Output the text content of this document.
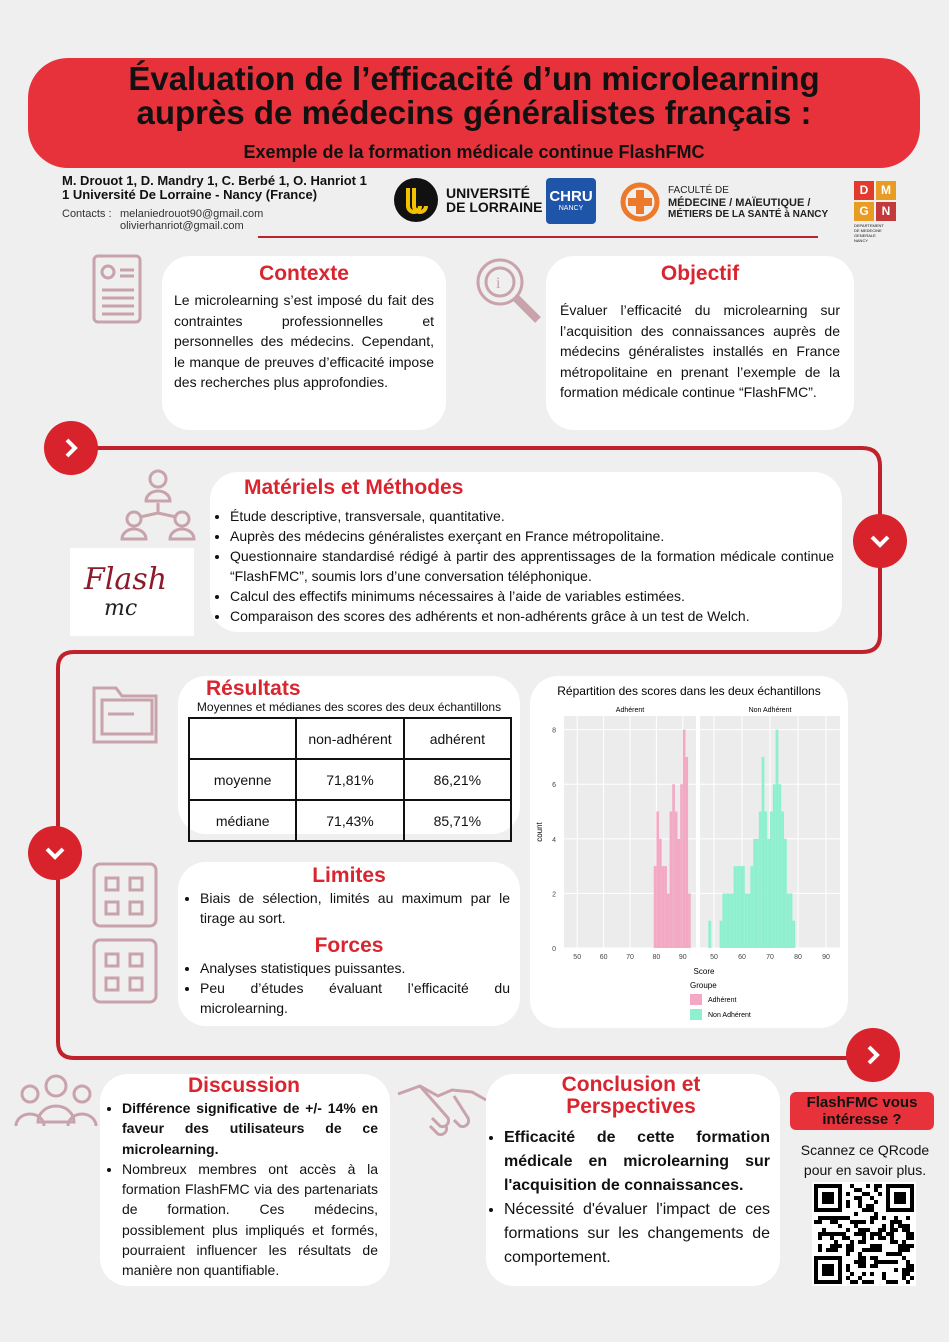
Évaluation de l’efficacité d’un microlearning
auprès de médecins généralistes français :
Exemple de la formation médicale continue FlashFMC
M. Drouot 1, D. Mandry 1, C. Berbé 1, O. Hanriot 1
1 Université De Lorraine - Nancy (France)
Contacts : melaniedrouot90@gmail.com
olivierhanriot@gmail.com
UNIVERSITÉ
DE LORRAINE
CHRU
NANCY
FACULTÉ DE
MÉDECINE / MAÏEUTIQUE /
MÉTIERS DE LA SANTÉ à NANCY
D	M
G	N
DEPARTEMENT
DE MEDECINE GENERALE
NANCY
i
Flash
mc
Contexte
Le microlearning s’est imposé du fait des contraintes professionnelles et personnelles des médecins. Cependant, le manque de preuves d’efficacité impose des recherches plus approfondies.
Objectif
Évaluer l’efficacité du microlearning sur l’acquisition des connaissances auprès de médecins généralistes installés en France métropolitaine en prenant l’exemple de la formation médicale continue “FlashFMC”.
Matériels et Méthodes
• Étude descriptive, transversale, quantitative.
• Auprès des médecins généralistes exerçant en France métropolitaine.
• Questionnaire standardisé rédigé à partir des apprentissages de la formation médicale continue “FlashFMC”, soumis lors d’une conversation téléphonique.
• Calcul des effectifs minimums nécessaires à l’aide de variables estimées.
• Comparaison des scores des adhérents et non-adhérents grâce à un test de Welch.
Résultats
Moyennes et médianes des scores des deux échantillons
	non-adhérent	adhérent
moyenne	71,81%	86,21%
médiane	71,43%	85,71%
Répartition des scores dans les deux échantillons
Adhérent
50	60	70	80	90
Non Adhérent
50	60	70	80	90
0
2
4
6
8
count
Score
Groupe
Adhérent
Non Adhérent
Limites
• Biais de sélection, limités au maximum par le tirage au sort.
Forces
• Analyses statistiques puissantes.
• Peu d’études évaluant l’efficacité du microlearning.
Discussion
• Différence significative de +/- 14% en faveur des utilisateurs de ce microlearning.
• Nombreux membres ont accès à la formation FlashFMC via des partenariats de formation. Ces médecins, possiblement plus impliqués et formés, pourraient influencer les résultats de manière non quantifiable.
Conclusion et
Perspectives
• Efficacité de cette formation médicale en microlearning sur l'acquisition de connaissances.
• Nécessité d'évaluer l'impact de ces formations sur les changements de comportement.
FlashFMC vous
intéresse ?
Scannez ce QRcode
pour en savoir plus.
